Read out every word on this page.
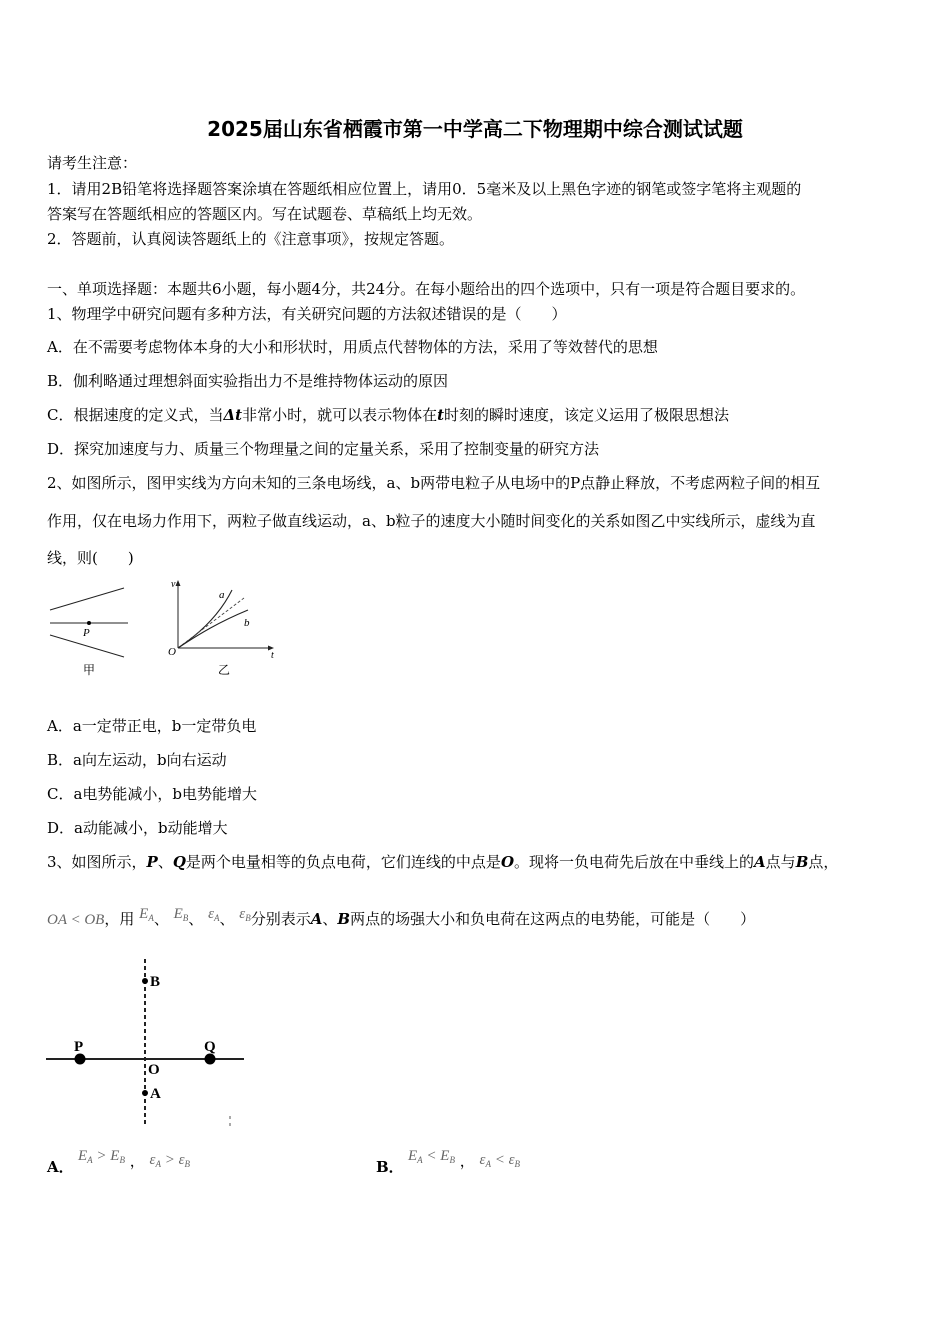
2025届山东省栖霞市第一中学高二下物理期中综合测试试题
请考生注意：
1．请用2B铅笔将选择题答案涂填在答题纸相应位置上，请用0．5毫米及以上黑色字迹的钢笔或签字笔将主观题的
答案写在答题纸相应的答题区内。写在试题卷、草稿纸上均无效。
2．答题前，认真阅读答题纸上的《注意事项》，按规定答题。
一、单项选择题：本题共6小题，每小题4分，共24分。在每小题给出的四个选项中，只有一项是符合题目要求的。
1、物理学中研究问题有多种方法，有关研究问题的方法叙述错误的是（　　）
A．在不需要考虑物体本身的大小和形状时，用质点代替物体的方法，采用了等效替代的思想
B．伽利略通过理想斜面实验指出力不是维持物体运动的原因
C．根据速度的定义式，当Δt非常小时，就可以表示物体在t时刻的瞬时速度，该定义运用了极限思想法
D．探究加速度与力、质量三个物理量之间的定量关系，采用了控制变量的研究方法
2、如图所示，图甲实线为方向未知的三条电场线，a、b两带电粒子从电场中的P点静止释放，不考虑两粒子间的相互
作用，仅在电场力作用下，两粒子做直线运动，a、b粒子的速度大小随时间变化的关系如图乙中实线所示，虚线为直
线，则(　　)
P
甲
v
a
b
O	t
乙
A．a一定带正电，b一定带负电
B．a向左运动，b向右运动
C．a电势能减小，b电势能增大
D．a动能减小，b动能增大
3、如图所示，P、Q是两个电量相等的负点电荷，它们连线的中点是O。现将一负电荷先后放在中垂线上的A点与B点，
OA < OB，用 $E_A$、 $E_B$、 $\varepsilon_A$、 $\varepsilon_B$分别表示A、B两点的场强大小和负电荷在这两点的电势能，可能是（　　）
B
P	Q
O
A
A．
$E_A > E_B$ ， $\varepsilon_A > \varepsilon_B$	B．
$E_A < E_B$ ， $\varepsilon_A < \varepsilon_B$
